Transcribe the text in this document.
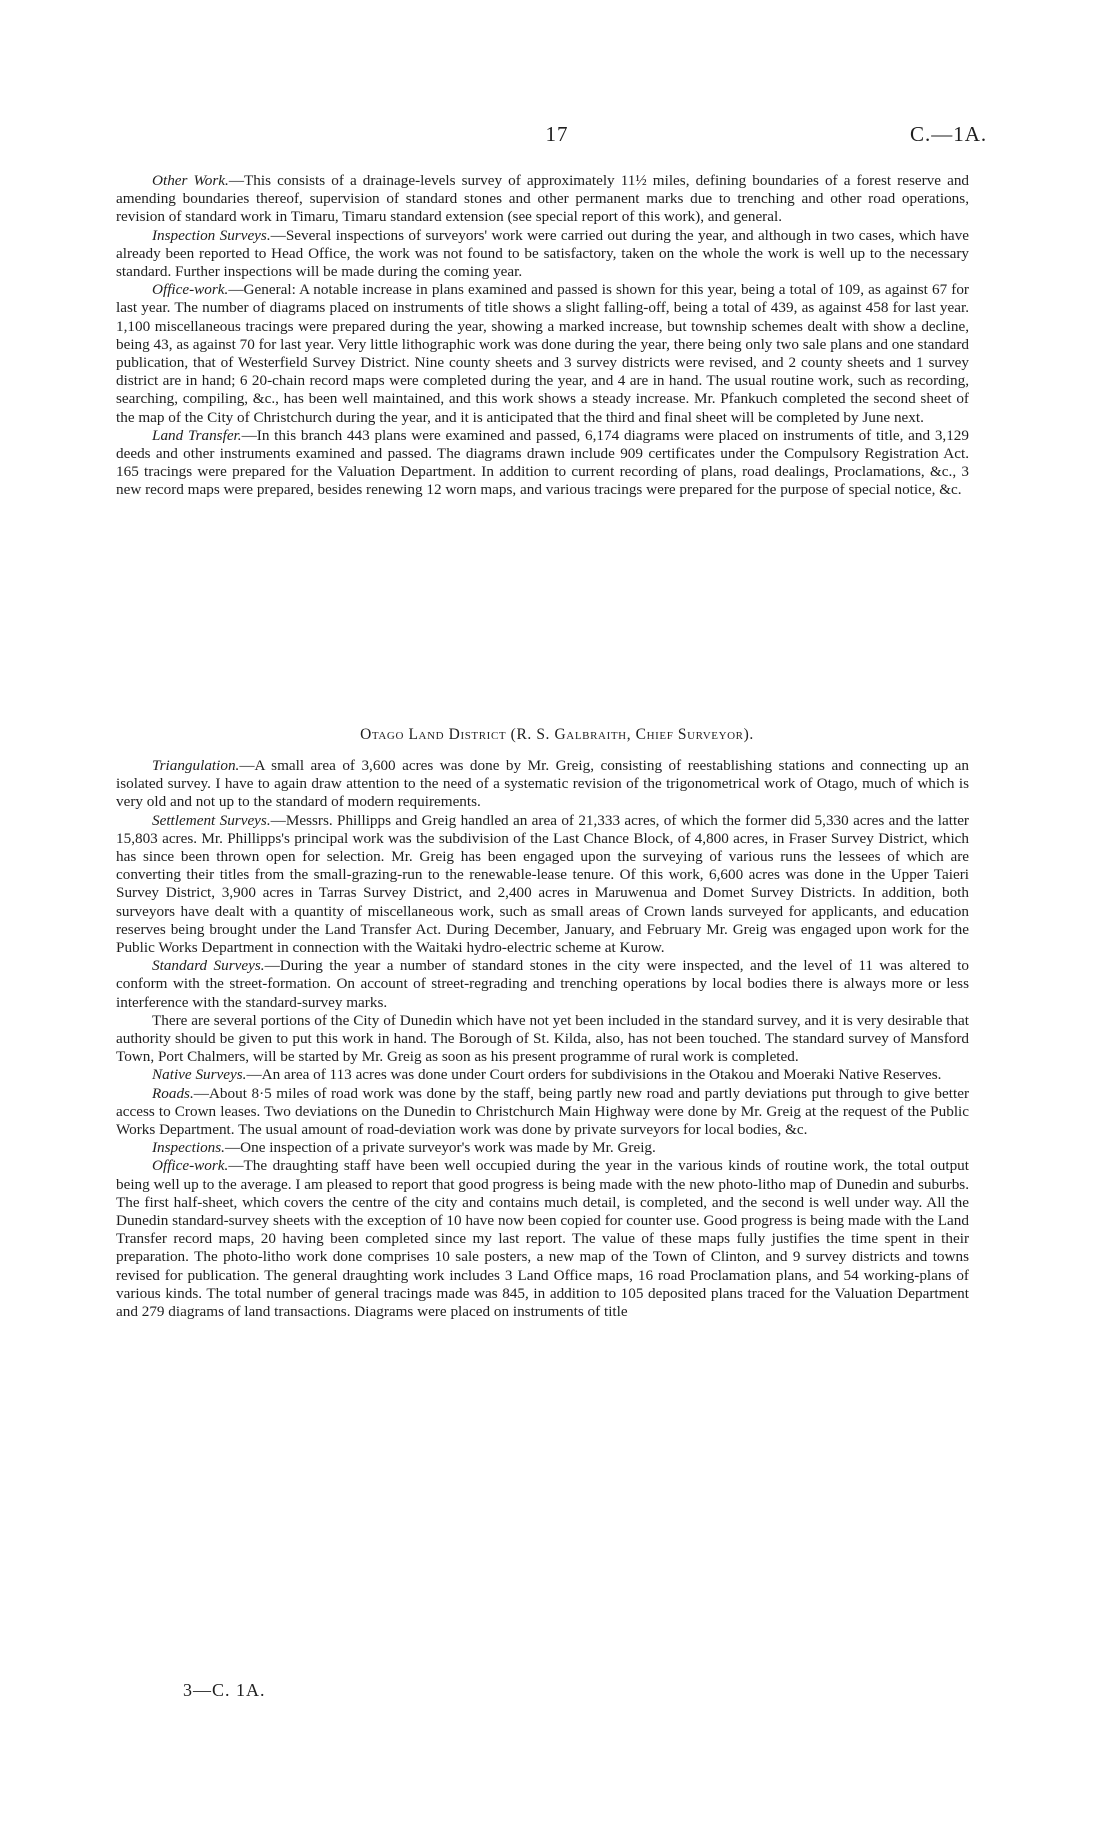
17	C.—1A.

Other Work.—This consists of a drainage-levels survey of approximately 11½ miles, defining boundaries of a forest reserve and amending boundaries thereof, supervision of standard stones and other permanent marks due to trenching and other road operations, revision of standard work in Timaru, Timaru standard extension (see special report of this work), and general.

Inspection Surveys.—Several inspections of surveyors' work were carried out during the year, and although in two cases, which have already been reported to Head Office, the work was not found to be satisfactory, taken on the whole the work is well up to the necessary standard. Further inspections will be made during the coming year.

Office-work.—General: A notable increase in plans examined and passed is shown for this year, being a total of 109, as against 67 for last year. The number of diagrams placed on instruments of title shows a slight falling-off, being a total of 439, as against 458 for last year. 1,100 miscellaneous tracings were prepared during the year, showing a marked increase, but township schemes dealt with show a decline, being 43, as against 70 for last year. Very little lithographic work was done during the year, there being only two sale plans and one standard publication, that of Westerfield Survey District. Nine county sheets and 3 survey districts were revised, and 2 county sheets and 1 survey district are in hand; 6 20-chain record maps were completed during the year, and 4 are in hand. The usual routine work, such as recording, searching, compiling, &c., has been well maintained, and this work shows a steady increase. Mr. Pfankuch completed the second sheet of the map of the City of Christchurch during the year, and it is anticipated that the third and final sheet will be completed by June next.

Land Transfer.—In this branch 443 plans were examined and passed, 6,174 diagrams were placed on instruments of title, and 3,129 deeds and other instruments examined and passed. The diagrams drawn include 909 certificates under the Compulsory Registration Act. 165 tracings were prepared for the Valuation Department. In addition to current recording of plans, road dealings, Proclamations, &c., 3 new record maps were prepared, besides renewing 12 worn maps, and various tracings were prepared for the purpose of special notice, &c.

Otago Land District (R. S. Galbraith, Chief Surveyor).

Triangulation.—A small area of 3,600 acres was done by Mr. Greig, consisting of reestablishing stations and connecting up an isolated survey. I have to again draw attention to the need of a systematic revision of the trigonometrical work of Otago, much of which is very old and not up to the standard of modern requirements.

Settlement Surveys.—Messrs. Phillipps and Greig handled an area of 21,333 acres, of which the former did 5,330 acres and the latter 15,803 acres. Mr. Phillipps's principal work was the subdivision of the Last Chance Block, of 4,800 acres, in Fraser Survey District, which has since been thrown open for selection. Mr. Greig has been engaged upon the surveying of various runs the lessees of which are converting their titles from the small-grazing-run to the renewable-lease tenure. Of this work, 6,600 acres was done in the Upper Taieri Survey District, 3,900 acres in Tarras Survey District, and 2,400 acres in Maruwenua and Domet Survey Districts. In addition, both surveyors have dealt with a quantity of miscellaneous work, such as small areas of Crown lands surveyed for applicants, and education reserves being brought under the Land Transfer Act. During December, January, and February Mr. Greig was engaged upon work for the Public Works Department in connection with the Waitaki hydro-electric scheme at Kurow.

Standard Surveys.—During the year a number of standard stones in the city were inspected, and the level of 11 was altered to conform with the street-formation. On account of street-regrading and trenching operations by local bodies there is always more or less interference with the standard-survey marks.

There are several portions of the City of Dunedin which have not yet been included in the standard survey, and it is very desirable that authority should be given to put this work in hand. The Borough of St. Kilda, also, has not been touched. The standard survey of Mansford Town, Port Chalmers, will be started by Mr. Greig as soon as his present programme of rural work is completed.

Native Surveys.—An area of 113 acres was done under Court orders for subdivisions in the Otakou and Moeraki Native Reserves.

Roads.—About 8·5 miles of road work was done by the staff, being partly new road and partly deviations put through to give better access to Crown leases. Two deviations on the Dunedin to Christchurch Main Highway were done by Mr. Greig at the request of the Public Works Department. The usual amount of road-deviation work was done by private surveyors for local bodies, &c.

Inspections.—One inspection of a private surveyor's work was made by Mr. Greig.

Office-work.—The draughting staff have been well occupied during the year in the various kinds of routine work, the total output being well up to the average. I am pleased to report that good progress is being made with the new photo-litho map of Dunedin and suburbs. The first half-sheet, which covers the centre of the city and contains much detail, is completed, and the second is well under way. All the Dunedin standard-survey sheets with the exception of 10 have now been copied for counter use. Good progress is being made with the Land Transfer record maps, 20 having been completed since my last report. The value of these maps fully justifies the time spent in their preparation. The photo-litho work done comprises 10 sale posters, a new map of the Town of Clinton, and 9 survey districts and towns revised for publication. The general draughting work includes 3 Land Office maps, 16 road Proclamation plans, and 54 working-plans of various kinds. The total number of general tracings made was 845, in addition to 105 deposited plans traced for the Valuation Department and 279 diagrams of land transactions. Diagrams were placed on instruments of title

3—C. 1A.
